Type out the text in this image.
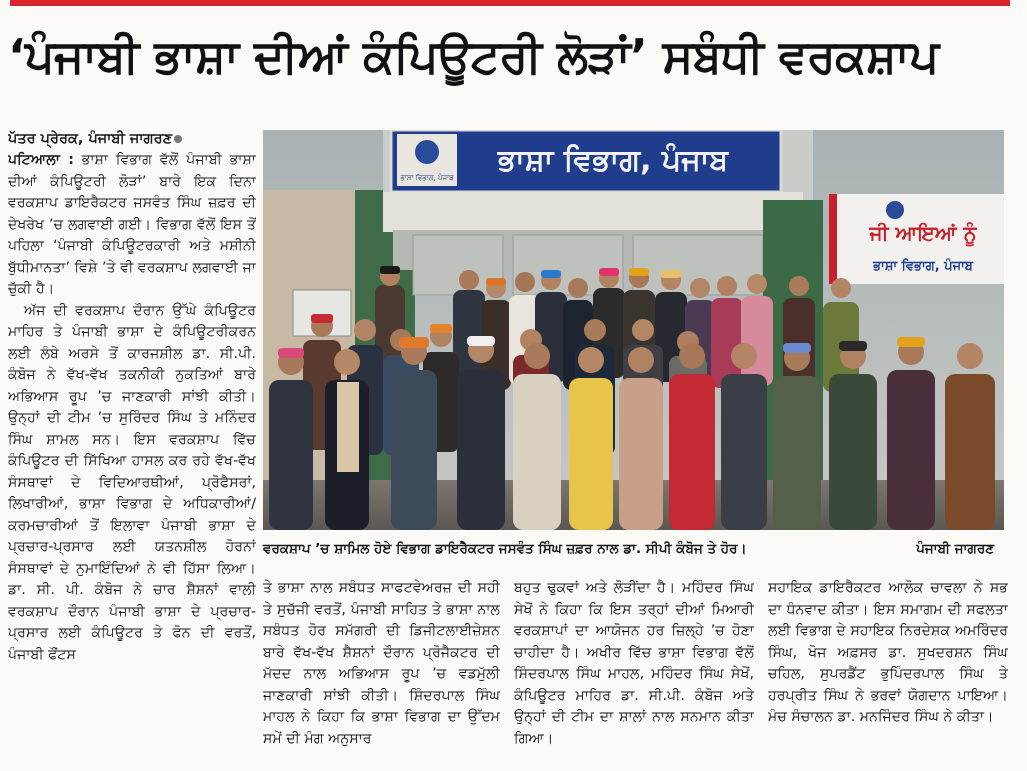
‘ਪੰਜਾਬੀ ਭਾਸ਼ਾ ਦੀਆਂ ਕੰਪਿਊਟਰੀ ਲੋੜਾਂ’ ਸਬੰਧੀ ਵਰਕਸ਼ਾਪ
ਪੱਤਰ ਪ੍ਰੇਰਕ, ਪੰਜਾਬੀ ਜਾਗਰਣ

ਪਟਿਆਲਾ : ਭਾਸ਼ਾ ਵਿਭਾਗ ਵੱਲੋਂ ਪੰਜਾਬੀ ਭਾਸ਼ਾ ਦੀਆਂ ਕੰਪਿਊਟਰੀ ਲੋੜਾਂ’ ਬਾਰੇ ਇਕ ਦਿਨਾ ਵਰਕਸ਼ਾਪ ਡਾਇਰੈਕਟਰ ਜਸਵੰਤ ਸਿੰਘ ਜ਼ਫ਼ਰ ਦੀ ਦੇਖਰੇਖ ’ਚ ਲਗਵਾਈ ਗਈ। ਵਿਭਾਗ ਵੱਲੋਂ ਇਸ ਤੋਂ ਪਹਿਲਾ ‘ਪੰਜਾਬੀ ਕੰਪਿਊਟਰਕਾਰੀ ਅਤੇ ਮਸ਼ੀਨੀ ਬੁੱਧੀਮਾਨਤਾ’ ਵਿਸ਼ੇ ’ਤੇ ਵੀ ਵਰਕਸ਼ਾਪ ਲਗਵਾਈ ਜਾ ਚੁੱਕੀ ਹੈ।

ਅੱਜ ਦੀ ਵਰਕਸ਼ਾਪ ਦੌਰਾਨ ਉੱਘੇ ਕੰਪਿਊਟਰ ਮਾਹਿਰ ਤੇ ਪੰਜਾਬੀ ਭਾਸ਼ਾ ਦੇ ਕੰਪਿਊਟਰੀਕਰਨ ਲਈ ਲੰਬੇ ਅਰਸੇ ਤੋਂ ਕਾਰਜਸ਼ੀਲ ਡਾ. ਸੀ.ਪੀ. ਕੰਬੋਜ ਨੇ ਵੱਖ-ਵੱਖ ਤਕਨੀਕੀ ਨੁਕਤਿਆਂ ਬਾਰੇ ਅਭਿਆਸ ਰੂਪ ’ਚ ਜਾਣਕਾਰੀ ਸਾਂਝੀ ਕੀਤੀ। ਉਨ੍ਹਾਂ ਦੀ ਟੀਮ ’ਚ ਸੁਰਿੰਦਰ ਸਿੰਘ ਤੇ ਮਨਿੰਦਰ ਸਿੰਘ ਸ਼ਾਮਲ ਸਨ। ਇਸ ਵਰਕਸ਼ਾਪ ਵਿੱਚ ਕੰਪਿਊਟਰ ਦੀ ਸਿੱਖਿਆ ਹਾਸਲ ਕਰ ਰਹੇ ਵੱਖ-ਵੱਖ ਸੰਸਥਾਵਾਂ ਦੇ ਵਿਦਿਆਰਥੀਆਂ, ਪ੍ਰੋਫੈਸਰਾਂ, ਲਿਖਾਰੀਆਂ, ਭਾਸ਼ਾ ਵਿਭਾਗ ਦੇ ਅਧਿਕਾਰੀਆਂ/ਕਰਮਚਾਰੀਆਂ ਤੋਂ ਇਲਾਵਾ ਪੰਜਾਬੀ ਭਾਸ਼ਾ ਦੇ ਪ੍ਰਚਾਰ-ਪ੍ਰਸਾਰ ਲਈ ਯਤਨਸ਼ੀਲ ਹੋਰਨਾਂ ਸੰਸਥਾਵਾਂ ਦੇ ਨੁਮਾਇੰਦਿਆਂ ਨੇ ਵੀ ਹਿੱਸਾ ਲਿਆ। ਡਾ. ਸੀ. ਪੀ. ਕੰਬੋਜ ਨੇ ਚਾਰ ਸ਼ੈਸ਼ਨਾਂ ਵਾਲੀ ਵਰਕਸ਼ਾਪ ਦੌਰਾਨ ਪੰਜਾਬੀ ਭਾਸ਼ਾ ਦੇ ਪ੍ਰਚਾਰ-ਪ੍ਰਸਾਰ ਲਈ ਕੰਪਿਊਟਰ ਤੇ ਫੋਨ ਦੀ ਵਰਤੋਂ, ਪੰਜਾਬੀ ਫੌਂਟਸ

ਭਾਸ਼ਾ ਵਿਭਾਗ, ਪੰਜਾਬ ਭਾਸ਼ਾ ਵਿਭਾਗ, ਪੰਜਾਬ
ਜੀ ਆਇਆਂ ਨੂੰ
ਭਾਸ਼ਾ ਵਿਭਾਗ, ਪੰਜਾਬ
ਵਰਕਸ਼ਾਪ ’ਚ ਸ਼ਾਮਿਲ ਹੋਏ ਵਿਭਾਗ ਡਾਇਰੈਕਟਰ ਜਸਵੰਤ ਸਿੰਘ ਜ਼ਫ਼ਰ ਨਾਲ ਡਾ. ਸੀਪੀ ਕੰਬੋਜ ਤੇ ਹੋਰ।	ਪੰਜਾਬੀ ਜਾਗਰਣ
ਤੇ ਭਾਸ਼ਾ ਨਾਲ ਸਬੰਧਤ ਸਾਫਟਵੇਅਰਜ਼ ਦੀ ਸਹੀ ਤੇ ਸੁਚੱਜੀ ਵਰਤੋਂ, ਪੰਜਾਬੀ ਸਾਹਿਤ ਤੇ ਭਾਸ਼ਾ ਨਾਲ ਸਬੰਧਤ ਹੋਰ ਸਮੱਗਰੀ ਦੀ ਡਿਜੀਟਲਾਈਜ਼ੇਸ਼ਨ ਬਾਰੇ ਵੱਖ-ਵੱਖ ਸ਼ੈਸ਼ਨਾਂ ਦੌਰਾਨ ਪ੍ਰੋਜੈਕਟਰ ਦੀ ਮੱਦਦ ਨਾਲ ਅਭਿਆਸ ਰੂਪ ’ਚ ਵਡਮੁੱਲੀ ਜਾਣਕਾਰੀ ਸਾਂਝੀ ਕੀਤੀ। ਸ਼ਿੰਦਰਪਾਲ ਸਿੰਘ ਮਾਹਲ ਨੇ ਕਿਹਾ ਕਿ ਭਾਸ਼ਾ ਵਿਭਾਗ ਦਾ ਉੱਦਮ ਸਮੇਂ ਦੀ ਮੰਗ ਅਨੁਸਾਰ
ਬਹੁਤ ਢੁਕਵਾਂ ਅਤੇ ਲੋੜੀਂਦਾ ਹੈ। ਮਹਿੰਦਰ ਸਿੰਘ ਸੇਖੋਂ ਨੇ ਕਿਹਾ ਕਿ ਇਸ ਤਰ੍ਹਾਂ ਦੀਆਂ ਮਿਆਰੀ ਵਰਕਸ਼ਾਪਾਂ ਦਾ ਆਯੋਜਨ ਹਰ ਜ਼ਿਲ੍ਹੇ ’ਚ ਹੋਣਾ ਚਾਹੀਦਾ ਹੈ। ਅਖੀਰ ਵਿੱਚ ਭਾਸ਼ਾ ਵਿਭਾਗ ਵੱਲੋਂ ਸ਼ਿੰਦਰਪਾਲ ਸਿੰਘ ਮਾਹਲ, ਮਹਿੰਦਰ ਸਿੰਘ ਸੇਖੋਂ, ਕੰਪਿਊਟਰ ਮਾਹਿਰ ਡਾ. ਸੀ.ਪੀ. ਕੰਬੋਜ ਅਤੇ ਉਨ੍ਹਾਂ ਦੀ ਟੀਮ ਦਾ ਸ਼ਾਲਾਂ ਨਾਲ ਸਨਮਾਨ ਕੀਤਾ ਗਿਆ।
ਸਹਾਇਕ ਡਾਇਰੈਕਟਰ ਆਲੋਕ ਚਾਵਲਾ ਨੇ ਸਭ ਦਾ ਧੰਨਵਾਦ ਕੀਤਾ। ਇਸ ਸਮਾਗਮ ਦੀ ਸਫਲਤਾ ਲਈ ਵਿਭਾਗ ਦੇ ਸਹਾਇਕ ਨਿਰਦੇਸ਼ਕ ਅਮਰਿੰਦਰ ਸਿੰਘ, ਖੋਜ ਅਫ਼ਸਰ ਡਾ. ਸੁਖਦਰਸ਼ਨ ਸਿੰਘ ਚਹਿਲ, ਸੁਪਰਡੈਂਟ ਭੁਪਿੰਦਰਪਾਲ ਸਿੰਘ ਤੇ ਹਰਪ੍ਰੀਤ ਸਿੰਘ ਨੇ ਭਰਵਾਂ ਯੋਗਦਾਨ ਪਾਇਆ। ਮੰਚ ਸੰਚਾਲਨ ਡਾ. ਮਨਜਿੰਦਰ ਸਿੰਘ ਨੇ ਕੀਤਾ।
